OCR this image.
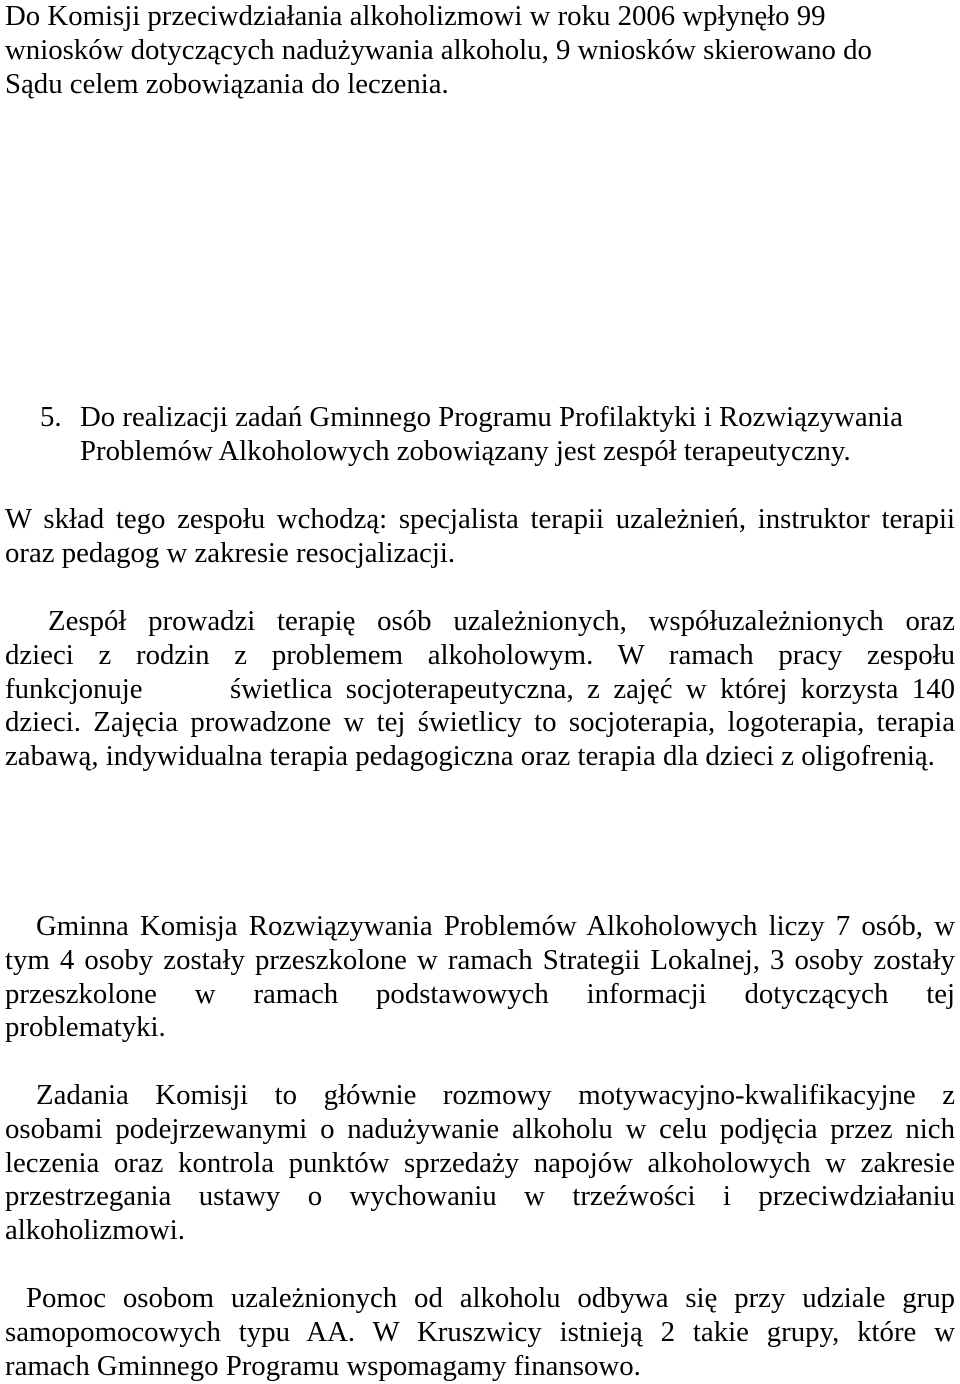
Do Komisji przeciwdziałania alkoholizmowi w roku 2006 wpłynęło 99
wniosków dotyczących nadużywania alkoholu, 9 wniosków skierowano do
Sądu celem zobowiązania do leczenia.
5. Do realizacji zadań Gminnego Programu Profilaktyki i Rozwiązywania
Problemów Alkoholowych zobowiązany jest zespół terapeutyczny.
W skład tego zespołu wchodzą: specjalista terapii uzależnień, instruktor terapii
oraz pedagog w zakresie resocjalizacji.
Zespół prowadzi terapię osób uzależnionych, współuzależnionych oraz
dzieci z rodzin z problemem alkoholowym. W ramach pracy zespołu
funkcjonuje	świetlica socjoterapeutyczna, z zajęć w której korzysta 140
dzieci. Zajęcia prowadzone w tej świetlicy to socjoterapia, logoterapia, terapia
zabawą, indywidualna terapia pedagogiczna oraz terapia dla dzieci z oligofrenią.
Gminna Komisja Rozwiązywania Problemów Alkoholowych liczy 7 osób, w
tym 4 osoby zostały przeszkolone w ramach Strategii Lokalnej, 3 osoby zostały
przeszkolone w ramach podstawowych informacji dotyczących tej
problematyki.
Zadania Komisji to głównie rozmowy motywacyjno-kwalifikacyjne z
osobami podejrzewanymi o nadużywanie alkoholu w celu podjęcia przez nich
leczenia oraz kontrola punktów sprzedaży napojów alkoholowych w zakresie
przestrzegania ustawy o wychowaniu w trzeźwości i przeciwdziałaniu
alkoholizmowi.
Pomoc osobom uzależnionych od alkoholu odbywa się przy udziale grup
samopomocowych typu AA. W Kruszwicy istnieją 2 takie grupy, które w
ramach Gminnego Programu wspomagamy finansowo.
